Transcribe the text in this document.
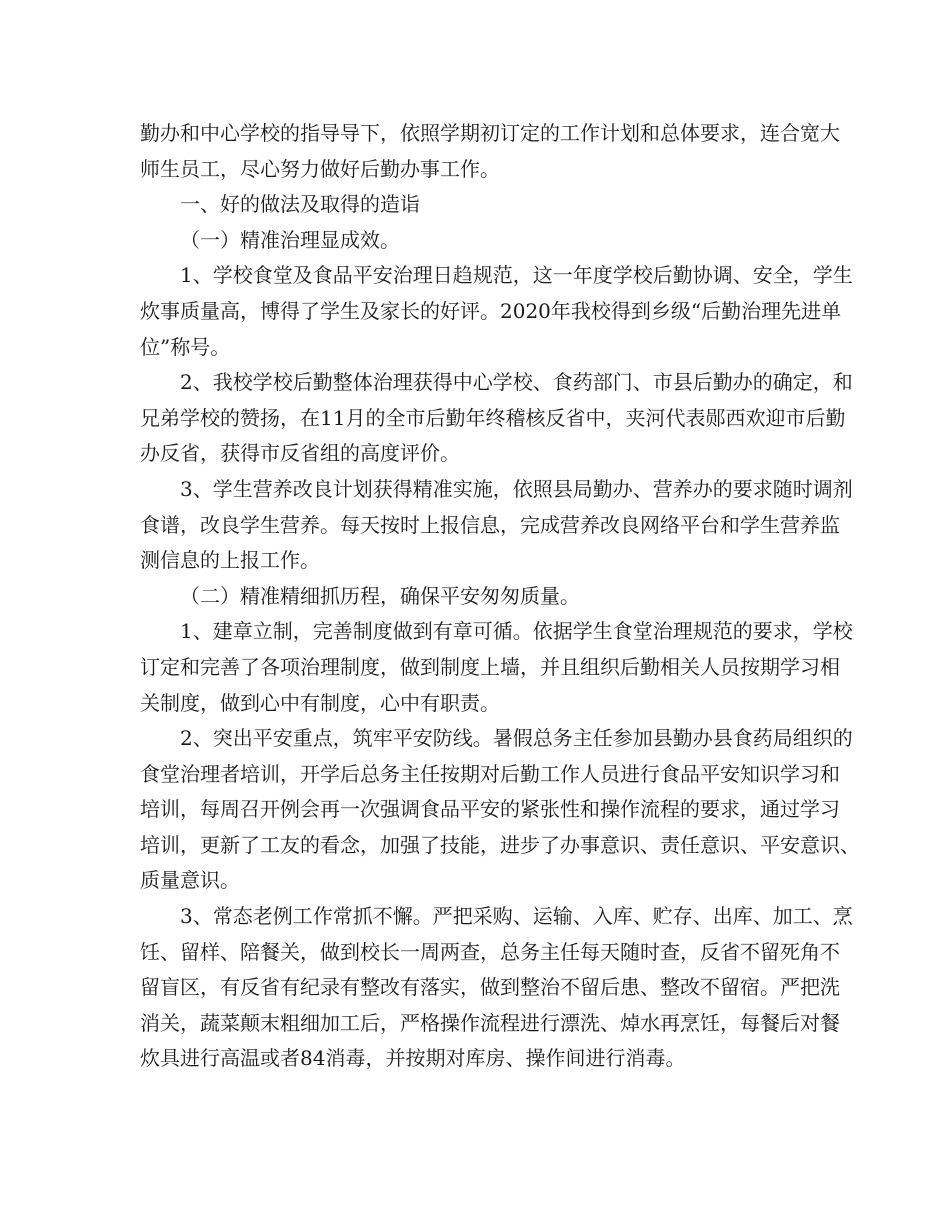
勤办和中心学校的指导导下，依照学期初订定的工作计划和总体要求，连合宽大
师生员工，尽心努力做好后勤办事工作。
一、好的做法及取得的造诣
（一）精准治理显成效。
1、学校食堂及食品平安治理日趋规范，这一年度学校后勤协调、安全，学生
炊事质量高，博得了学生及家长的好评。2020年我校得到乡级“后勤治理先进单
位”称号。
2、我校学校后勤整体治理获得中心学校、食药部门、市县后勤办的确定，和
兄弟学校的赞扬，在11月的全市后勤年终稽核反省中，夹河代表郧西欢迎市后勤
办反省，获得市反省组的高度评价。
3、学生营养改良计划获得精准实施，依照县局勤办、营养办的要求随时调剂
食谱，改良学生营养。每天按时上报信息，完成营养改良网络平台和学生营养监
测信息的上报工作。
（二）精准精细抓历程，确保平安匆匆质量。
1、建章立制，完善制度做到有章可循。依据学生食堂治理规范的要求，学校
订定和完善了各项治理制度，做到制度上墙，并且组织后勤相关人员按期学习相
关制度，做到心中有制度，心中有职责。
2、突出平安重点，筑牢平安防线。暑假总务主任参加县勤办县食药局组织的
食堂治理者培训，开学后总务主任按期对后勤工作人员进行食品平安知识学习和
培训，每周召开例会再一次强调食品平安的紧张性和操作流程的要求，通过学习
培训，更新了工友的看念，加强了技能，进步了办事意识、责任意识、平安意识、
质量意识。
3、常态老例工作常抓不懈。严把采购、运输、入库、贮存、出库、加工、烹
饪、留样、陪餐关，做到校长一周两查，总务主任每天随时查，反省不留死角不
留盲区，有反省有纪录有整改有落实，做到整治不留后患、整改不留宿。严把洗
消关，蔬菜颠末粗细加工后，严格操作流程进行漂洗、焯水再烹饪，每餐后对餐
炊具进行高温或者84消毒，并按期对库房、操作间进行消毒。
